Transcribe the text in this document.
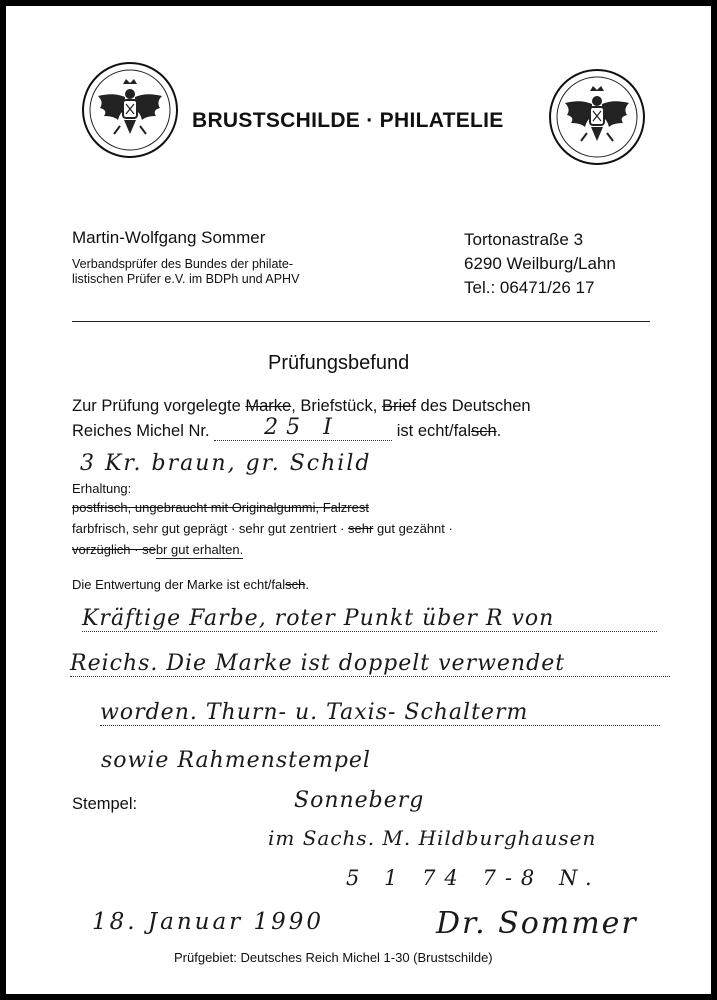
BRUSTSCHILDE · PHILATELIE
Martin-Wolfgang Sommer
Verbandsprüfer des Bundes der philate-
listischen Prüfer e.V. im BDPh und APHV
Tortonastraße 3
6290 Weilburg/Lahn
Tel.: 06471/26 17
Prüfungsbefund
Zur Prüfung vorgelegte Marke, Briefstück, Brief des Deutschen
Reiches Michel Nr. 25 I	ist echt/falsch.
3 Kr. braun, gr. Schild
Erhaltung:
postfrisch, ungebraucht mit Originalgummi, Falzrest
farbfrisch, sehr gut geprägt · sehr gut zentriert · sehr gut gezähnt ·
vorzüglich · sebr gut erhalten.
Die Entwertung der Marke ist echt/falsch.
Kräftige Farbe, roter Punkt über R von
Reichs. Die Marke ist doppelt verwendet
worden. Thurn- u. Taxis- Schalterm
sowie Rahmenstempel
Stempel:	Sonneberg
im Sachs. M. Hildburghausen
5 1 74 7-8 N.
18. Januar 1990	Dr. Sommer
Prüfgebiet: Deutsches Reich Michel 1-30 (Brustschilde)
